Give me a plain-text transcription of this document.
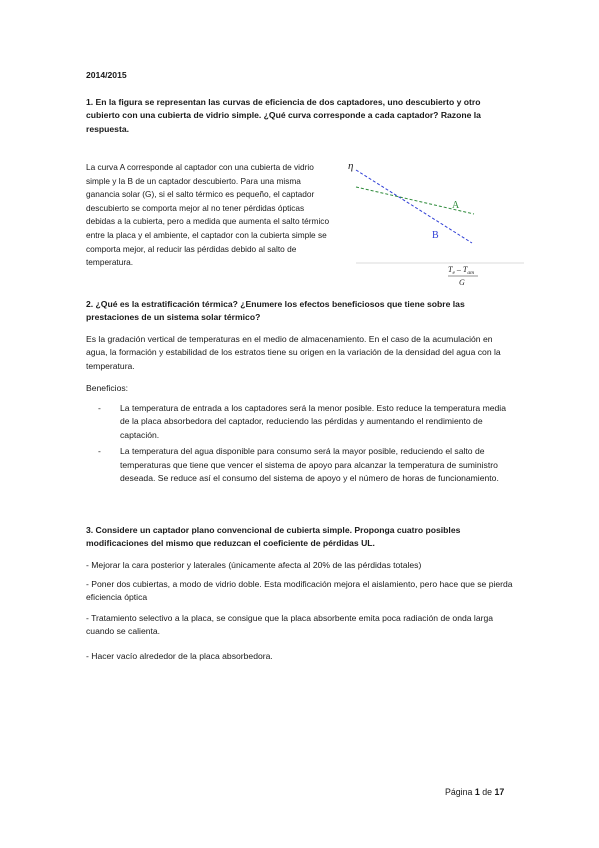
2014/2015

1. En la figura se representan las curvas de eficiencia de dos captadores, uno descubierto y otro cubierto con una cubierta de vidrio simple. ¿Qué curva corresponde a cada captador? Razone la respuesta.

La curva A corresponde al captador con una cubierta de vidrio simple y la B de un captador descubierto. Para una misma ganancia solar (G), si el salto térmico es pequeño, el captador descubierto se comporta mejor al no tener pérdidas ópticas debidas a la cubierta, pero a medida que aumenta el salto térmico entre la placa y el ambiente, el captador con la cubierta simple se comporta mejor, al reducir las pérdidas debido al salto de temperatura.

η
A
B
$T_e - T_{am}$
G

2. ¿Qué es la estratificación térmica? ¿Enumere los efectos beneficiosos que tiene sobre las prestaciones de un sistema solar térmico?

Es la gradación vertical de temperaturas en el medio de almacenamiento. En el caso de la acumulación en agua, la formación y estabilidad de los estratos tiene su origen en la variación de la densidad del agua con la temperatura.

Beneficios:

- La temperatura de entrada a los captadores será la menor posible. Esto reduce la temperatura media de la placa absorbedora del captador, reduciendo las pérdidas y aumentando el rendimiento de captación.
- La temperatura del agua disponible para consumo será la mayor posible, reduciendo el salto de temperaturas que tiene que vencer el sistema de apoyo para alcanzar la temperatura de suministro deseada. Se reduce así el consumo del sistema de apoyo y el número de horas de funcionamiento.

3. Considere un captador plano convencional de cubierta simple. Proponga cuatro posibles modificaciones del mismo que reduzcan el coeficiente de pérdidas UL.

- Mejorar la cara posterior y laterales (únicamente afecta al 20% de las pérdidas totales)

- Poner dos cubiertas, a modo de vidrio doble. Esta modificación mejora el aislamiento, pero hace que se pierda eficiencia óptica

- Tratamiento selectivo a la placa, se consigue que la placa absorbente emita poca radiación de onda larga cuando se calienta.

- Hacer vacío alrededor de la placa absorbedora.

Página 1 de 17
